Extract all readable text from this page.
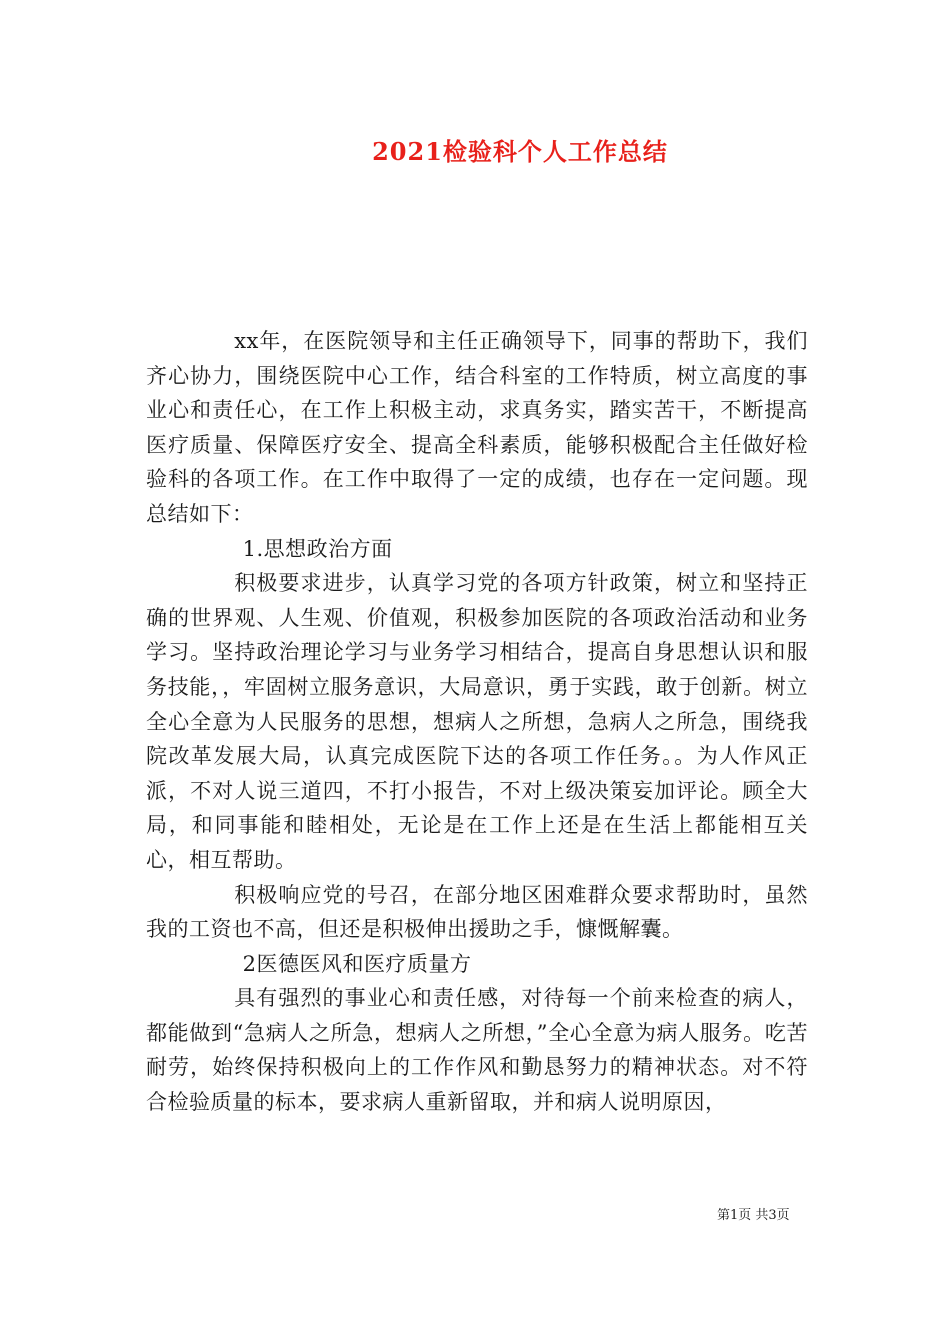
2021检验科个人工作总结

xx年，在医院领导和主任正确领导下，同事的帮助下，我们齐心协力，围绕医院中心工作，结合科室的工作特质，树立高度的事业心和责任心，在工作上积极主动，求真务实，踏实苦干，不断提高医疗质量、保障医疗安全、提高全科素质，能够积极配合主任做好检验科的各项工作。在工作中取得了一定的成绩，也存在一定问题。现总结如下：

1.思想政治方面

积极要求进步，认真学习党的各项方针政策，树立和坚持正确的世界观、人生观、价值观，积极参加医院的各项政治活动和业务学习。坚持政治理论学习与业务学习相结合，提高自身思想认识和服务技能，，牢固树立服务意识，大局意识，勇于实践，敢于创新。树立全心全意为人民服务的思想，想病人之所想，急病人之所急，围绕我院改革发展大局，认真完成医院下达的各项工作任务。。为人作风正派，不对人说三道四，不打小报告，不对上级决策妄加评论。顾全大局，和同事能和睦相处，无论是在工作上还是在生活上都能相互关心，相互帮助。

积极响应党的号召，在部分地区困难群众要求帮助时，虽然我的工资也不高，但还是积极伸出援助之手，慷慨解囊。

2医德医风和医疗质量方

具有强烈的事业心和责任感，对待每一个前来检查的病人，都能做到“急病人之所急，想病人之所想，”全心全意为病人服务。吃苦耐劳，始终保持积极向上的工作作风和勤恳努力的精神状态。对不符合检验质量的标本，要求病人重新留取，并和病人说明原因，

第1页 共3页
